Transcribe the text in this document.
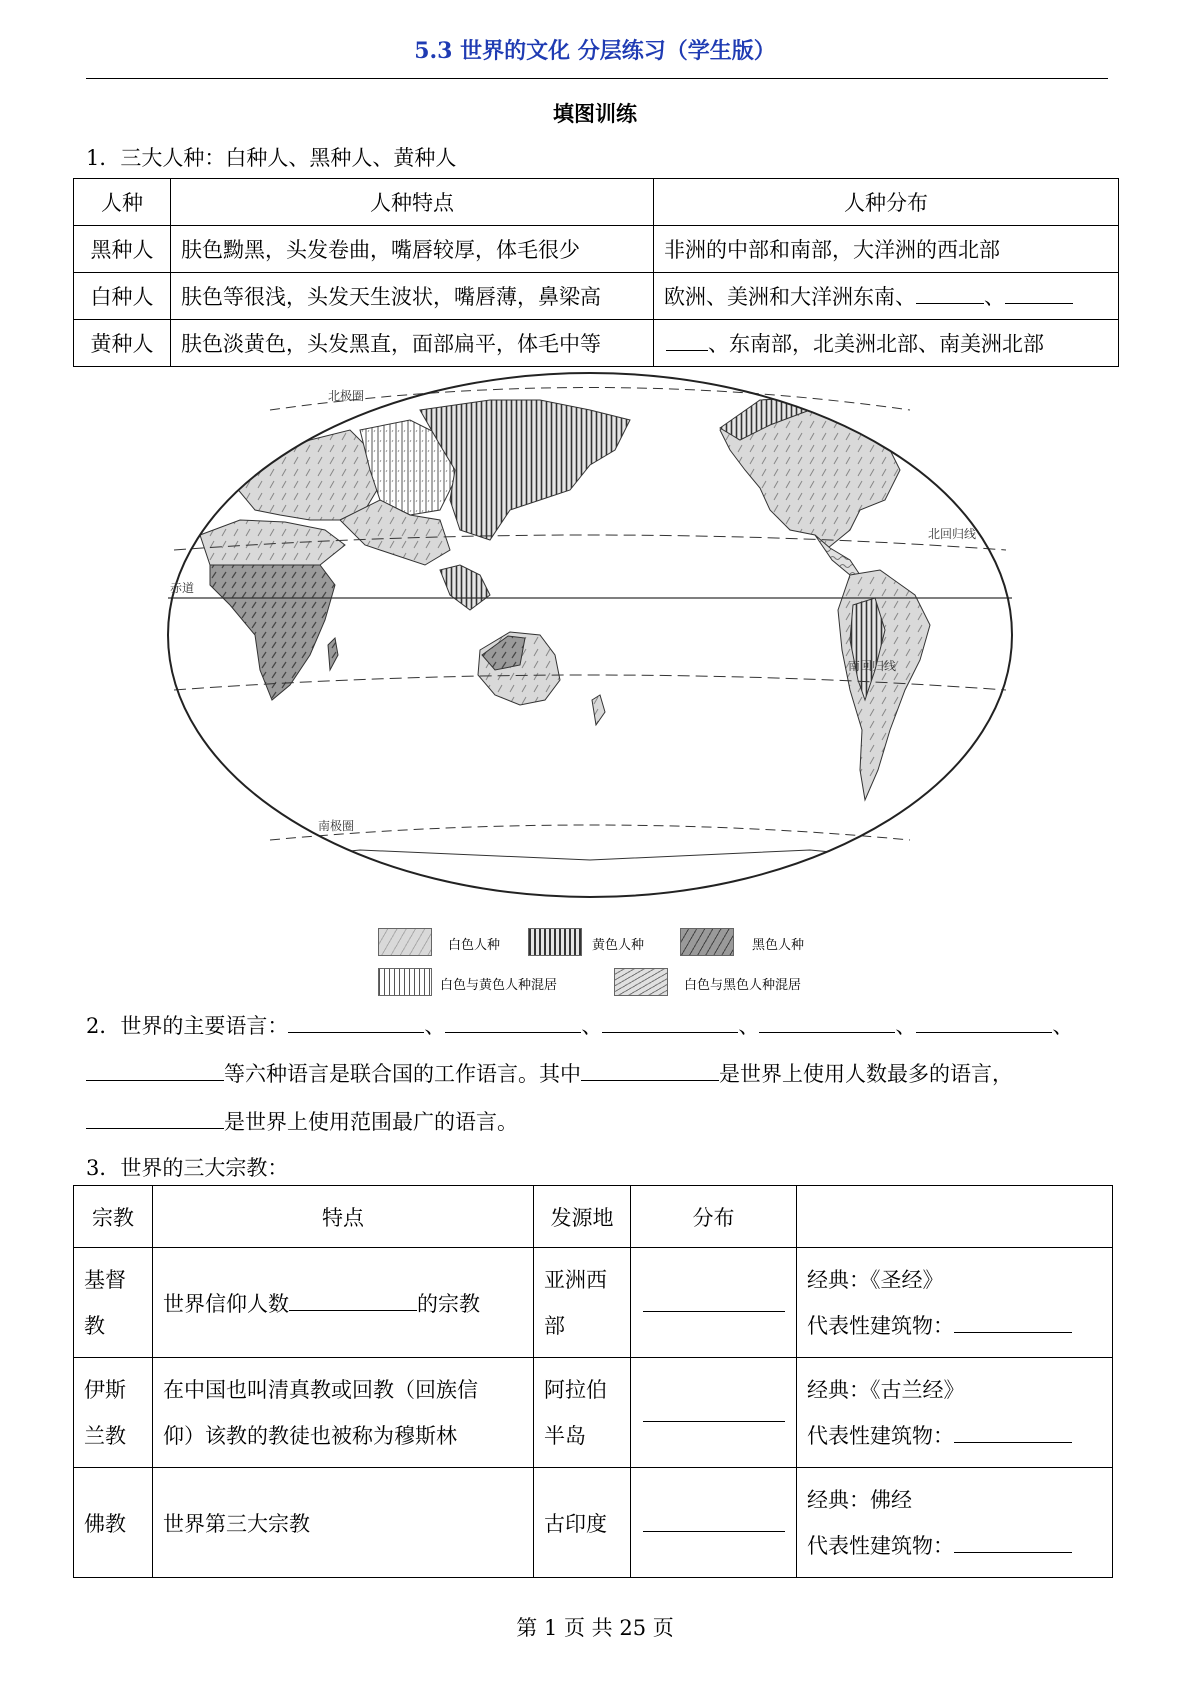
5.3 世界的文化 分层练习（学生版）
填图训练
1．三大人种：白种人、黑种人、黄种人
人种	人种特点	人种分布
黑种人	肤色黝黑，头发卷曲，嘴唇较厚，体毛很少	非洲的中部和南部，大洋洲的西北部
白种人	肤色等很浅，头发天生波状，嘴唇薄，鼻梁高	欧洲、美洲和大洋洲东南、 、
黄种人	肤色淡黄色，头发黑直，面部扁平，体毛中等	、东南部，北美洲北部、南美洲北部
北极圈
北回归线
赤道
南回归线
南极圈
白色人种	黄色人种	黑色人种
白色与黄色人种混居	白色与黑色人种混居
2．世界的主要语言：	、	、	、	、	、
等六种语言是联合国的工作语言。其中	是世界上使用人数最多的语言，
是世界上使用范围最广的语言。
3．世界的三大宗教：
宗教	特点	发源地	分布	

基督
教	世界信仰人数 的宗教	亚洲西
部		经典：《圣经》
代表性建筑物：

伊斯
兰教	在中国也叫清真教或回教（回族信
仰）该教的教徒也被称为穆斯林	阿拉伯
半岛		经典：《古兰经》
代表性建筑物：

佛教	世界第三大宗教	古印度		经典：佛经
代表性建筑物：
第 1 页 共 25 页
